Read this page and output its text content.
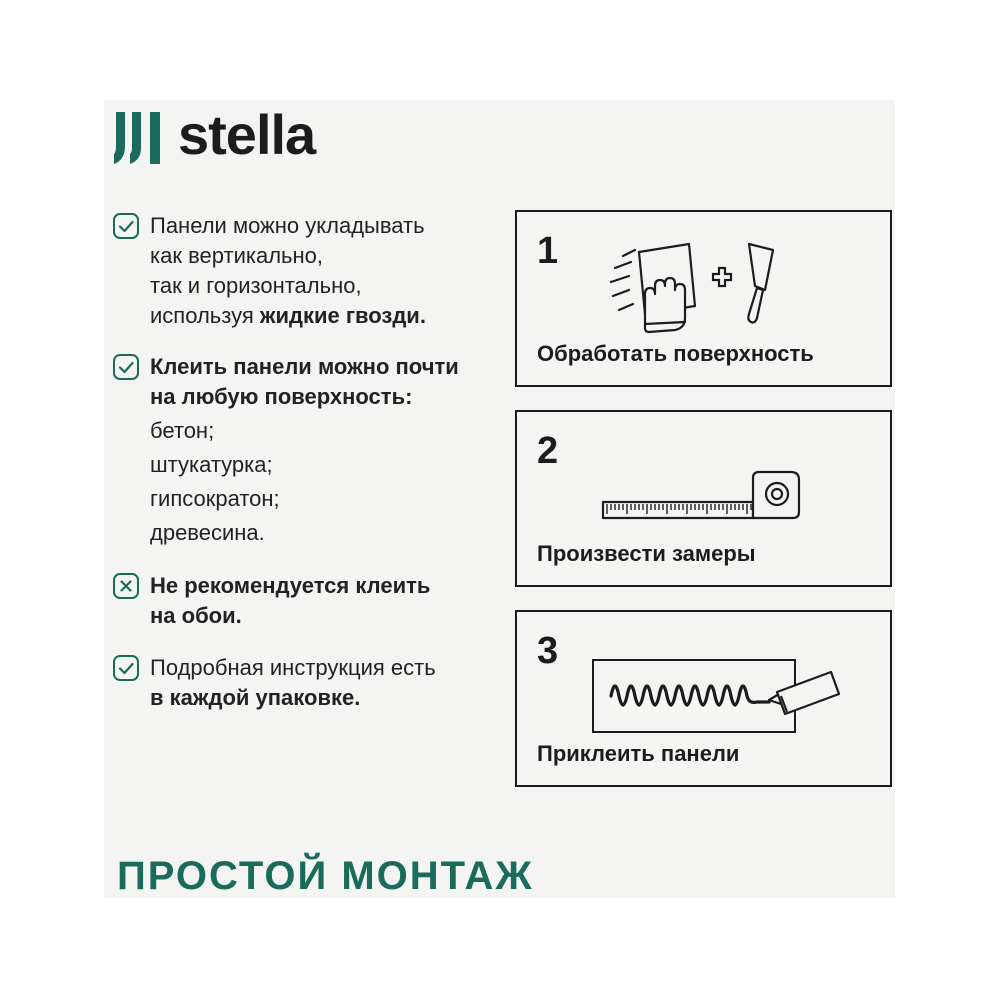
stella
Панели можно укладывать
как вертикально,
так и горизонтально,
используя жидкие гвозди.
Клеить панели можно почти
на любую поверхность:
бетон;
штукатурка;
гипсократон;
древесина.
Не рекомендуется клеить
на обои.
Подробная инструкция есть
в каждой упаковке.
1
Обработать поверхность
2
Произвести замеры
3
Приклеить панели
ПРОСТОЙ МОНТАЖ
